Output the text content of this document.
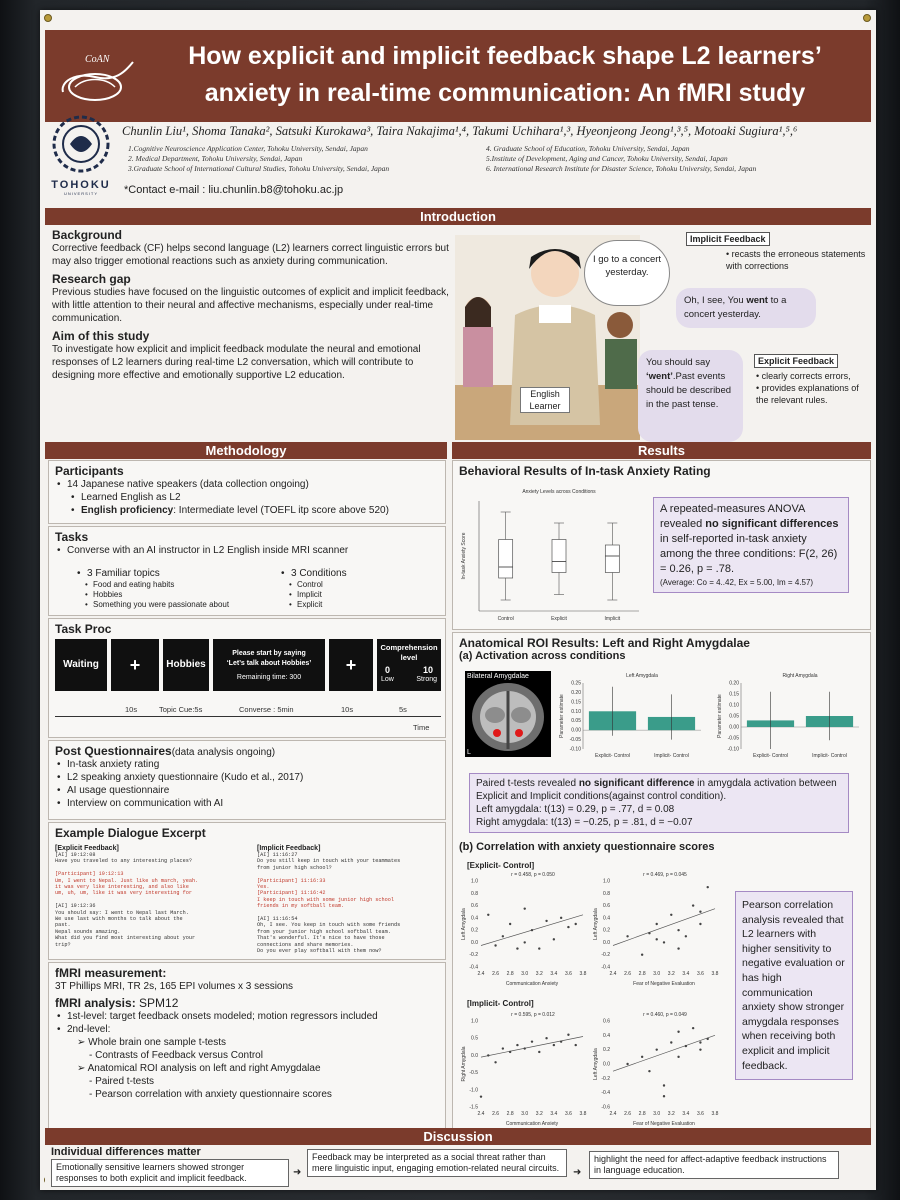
CoAN	How explicit and implicit feedback shape L2 learners’
anxiety in real-time communication: An fMRI study
TOHOKU
UNIVERSITY
Chunlin Liu¹, Shoma Tanaka², Satsuki Kurokawa³, Taira Nakajima¹,⁴, Takumi Uchihara¹,³, Hyeonjeong Jeong¹,³,⁵, Motoaki Sugiura¹,⁵,⁶
1.Cognitive Neuroscience Application Center, Tohoku University, Sendai, Japan
2. Medical Department, Tohoku University, Sendai, Japan
3.Graduate School of International Cultural Studies, Tohoku University, Sendai, Japan
4. Graduate School of Education, Tohoku University, Sendai, Japan
5.Institute of Development, Aging and Cancer, Tohoku University, Sendai, Japan
6. International Research Institute for Disaster Science, Tohoku University, Sendai, Japan
*Contact e-mail : liu.chunlin.b8@tohoku.ac.jp
Introduction
Background
Corrective feedback (CF) helps second language (L2) learners correct linguistic errors but may also trigger emotional reactions such as anxiety during communication.
Research gap
Previous studies have focused on the linguistic outcomes of explicit and implicit feedback, with little attention to their neural and affective mechanisms, especially under real-time communication.
Aim of this study
To investigate how explicit and implicit feedback modulate the neural and emotional responses of L2 learners during real-time L2 conversation, which will contribute to designing more effective and emotionally supportive L2 education.
English Learner
I go to a concert yesterday.
Implicit Feedback
• recasts the erroneous statements with corrections
Oh, I see, You went to a concert yesterday.
You should say ‘went’.Past events should be described in the past tense.
Explicit Feedback
• clearly corrects errors,
• provides explanations of the relevant rules.
Methodology
Participants
• 14 Japanese native speakers (data collection ongoing)
• Learned English as L2
• English proficiency: Intermediate level (TOEFL itp score above 520)
Tasks
• Converse with an AI instructor in L2 English inside MRI scanner
• 3 Familiar topics
• Food and eating habits
• Hobbies
• Something you were passionate about
• 3 Conditions
• Control
• Implicit
• Explicit
Task Proc
Waiting	+	Hobbies
Please start by saying
‘Let’s talk about Hobbies’
Remaining time: 300
+
Comprehension
level
0	10
Low	Strong
10s	Topic Cue:5s	Converse : 5min	10s	5s
Time
Post Questionnaires(data analysis ongoing)
• In-task anxiety rating
• L2 speaking anxiety questionnaire (Kudo et al., 2017)
• AI usage questionnaire
• Interview on communication with AI
Example Dialogue Excerpt
[Explicit Feedback]
[AI] 19:12:08
Have you traveled to any interesting places?

[Participant] 19:12:13
Um, I went to Nepal. Just like uh march, yeah.
it was very like interesting, and also like
um, uh, um, like it was very interesting for

[AI] 19:12:36
You should say: I went to Nepal last March.
We use last with months to talk about the
past.
Nepal sounds amazing.
What did you find most interesting about your
trip?
[Implicit Feedback]
[AI] 11:16:27
Do you still keep in touch with your teammates
from junior high school?

[Participant] 11:16:33
Yes.
[Participant] 11:16:42
I keep in touch with some junior high school
friends in my softball team.

[AI] 11:16:54
Oh, I see. You keep in touch with some friends
from your junior high school softball team.
That's wonderful. It's nice to have those
connections and share memories.
Do you ever play softball with them now?
fMRI measurement:
3T Phillips MRI, TR 2s, 165 EPI volumes x 3 sessions
fMRI analysis: SPM12
• 1st-level: target feedback onsets modeled; motion regressors included
• 2nd-level:
➢ Whole brain one sample t-tests
- Contrasts of Feedback versus Control
➢ Anatomical ROI analysis on left and right Amygdalae
- Paired t-tests
- Pearson correlation with anxiety questionnaire scores
Results
Behavioral Results of In-task Anxiety Rating
Anxiety Levels across Conditions
In-task Anxiety Score
Control	Explicit	Implicit
A repeated-measures ANOVA revealed no significant differences in self-reported in-task anxiety among the three conditions: F(2, 26) = 0.26, p = .78.
(Average: Co = 4..42, Ex = 5.00, Im = 4.57)
Anatomical ROI Results: Left and Right Amygdalae
(a) Activation across conditions
Bilateral Amygdalae
L
Left Amygdala
0.25
0.20
0.15
0.10
0.05
0.00
-0.05
-0.10
Parameter estimate
Explicit- Control	Implicit- Control
Right Amygdala
0.20
0.15
0.10
0.05
0.00
-0.05
-0.10
Parameter estimate
Explicit- Control	Implicit- Control
Paired t-tests revealed no significant difference in amygdala activation between Explicit and Implicit conditions(against control condition).
Left amygdala: t(13) = 0.29, p = .77, d = 0.08
Right amygdala: t(13) = −0.25, p = .81, d = −0.07
(b) Correlation with anxiety questionnaire scores
[Explicit- Control]
r = 0.458, p = 0.050
1.0
0.8
0.6
0.4
0.2
0.0
-0.2
-0.4
2.4 2.6 2.8 3.0 3.2 3.4 3.6 3.8
Communication Anxiety
Left Amygdala
r = 0.469, p = 0.045
1.0
0.8
0.6
0.4
0.2
0.0
-0.2
-0.4
2.4 2.6 2.8 3.0 3.2 3.4 3.6 3.8
Fear of Negative Evaluation
Left Amygdala
[Implicit- Control]
r = 0.595, p = 0.012
1.0
0.5
0.0
-0.5
-1.0
-1.5
2.4 2.6 2.8 3.0 3.2 3.4 3.6 3.8
Communication Anxiety
Right Amygdala
r = 0.460, p = 0.049
0.6
0.4
0.2
0.0
-0.2
-0.4
-0.6
2.4 2.6 2.8 3.0 3.2 3.4 3.6 3.8
Fear of Negative Evaluation
Left Amygdala
Pearson correlation analysis revealed that L2 learners with higher sensitivity to negative evaluation or has high communication anxiety show stronger amygdala responses when receiving both explicit and implicit feedback.
Discussion
Individual differences matter
Emotionally sensitive learners showed stronger responses to both explicit and implicit feedback.	➜
Feedback may be interpreted as a social threat rather than mere linguistic input, engaging emotion-related neural circuits.	➜
highlight the need for affect-adaptive feedback instructions in language education.
